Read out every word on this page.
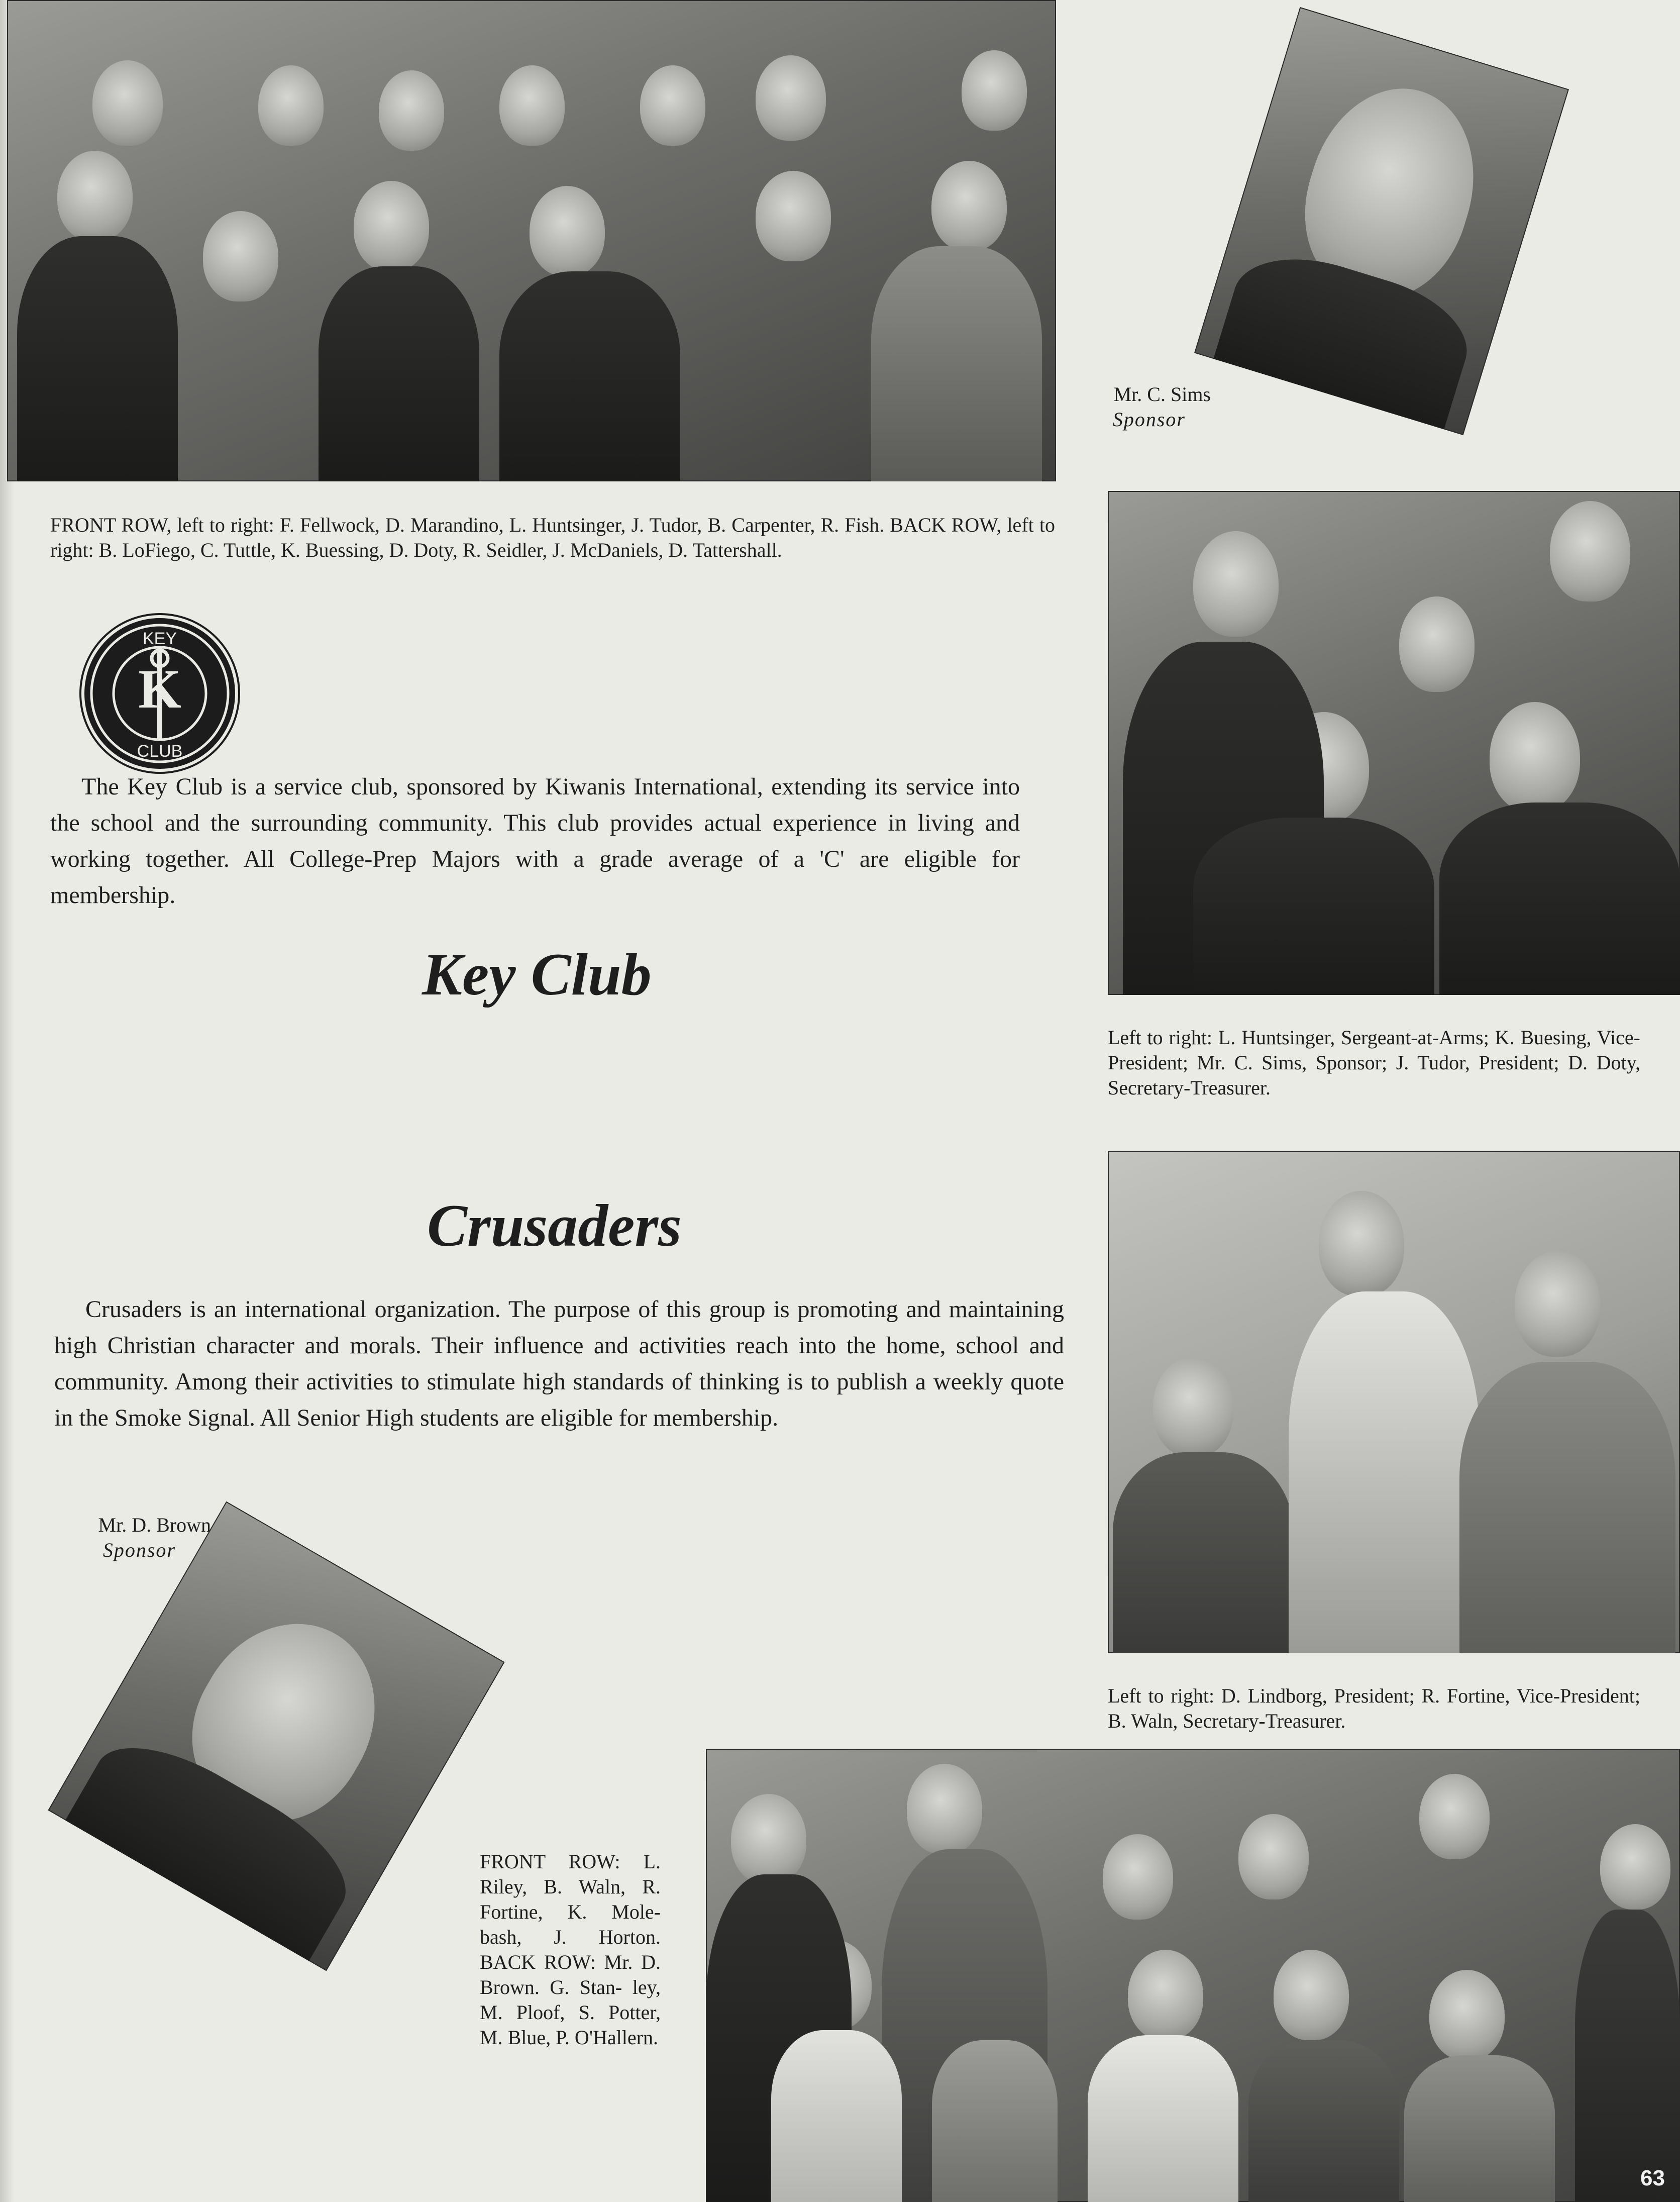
Mr. C. Sims
Sponsor

FRONT ROW, left to right: F. Fellwock, D. Marandino, L. Huntsinger, J. Tudor, B. Carpenter, R. Fish. BACK ROW, left to right: B. LoFiego, C. Tuttle, K. Buessing, D. Doty, R. Seidler, J. McDaniels, D. Tattershall.

K
KEY
CLUB

The Key Club is a service club, sponsored by Kiwanis International, extending its service into the school and the surrounding community. This club provides actual experience in living and working together. All College-Prep Majors with a grade average of a 'C' are eligible for membership.

Key Club

Left to right: L. Huntsinger, Sergeant-at-Arms; K. Buesing, Vice-President; Mr. C. Sims, Sponsor; J. Tudor, President; D. Doty, Secretary-Treasurer.

Crusaders

Crusaders is an international organization. The purpose of this group is promoting and maintaining high Christian character and morals. Their influence and activities reach into the home, school and community. Among their activities to stimulate high standards of thinking is to publish a weekly quote in the Smoke Signal. All Senior High students are eligible for membership.

Left to right: D. Lindborg, President; R. Fortine, Vice-President; B. Waln, Secretary-Treasurer.

Mr. D. Brown
Sponsor

FRONT ROW: L. Riley, B. Waln, R. Fortine, K. Mole- bash, J. Horton. BACK ROW: Mr. D. Brown. G. Stan- ley, M. Ploof, S. Potter, M. Blue, P. O'Hallern.

63
